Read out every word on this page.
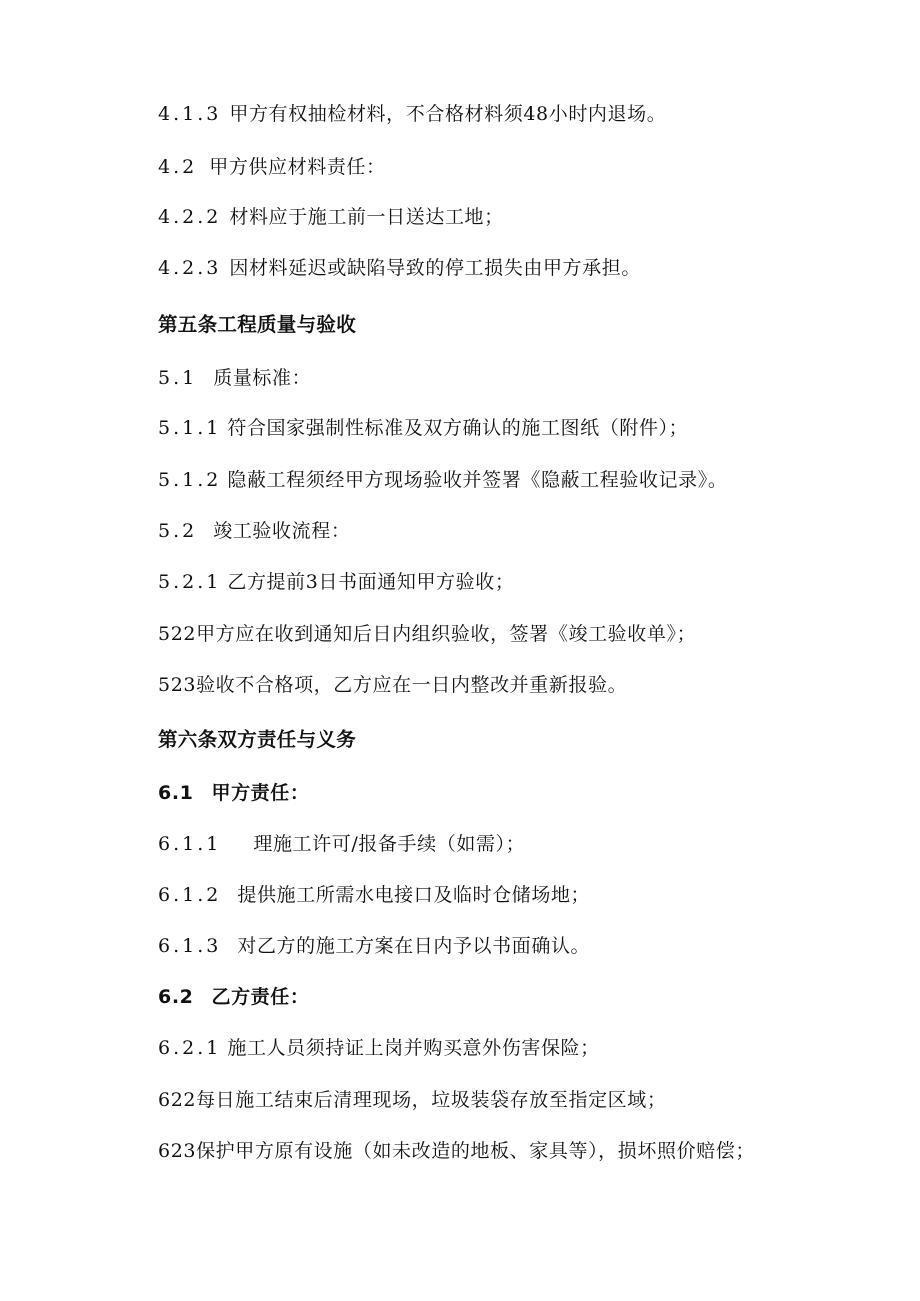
4.1.3 甲方有权抽检材料，不合格材料须48小时内退场。
4.2 甲方供应材料责任：
4.2.2 材料应于施工前一日送达工地；
4.2.3 因材料延迟或缺陷导致的停工损失由甲方承担。
第五条工程质量与验收
5.1 质量标准：
5.1.1 符合国家强制性标准及双方确认的施工图纸（附件）；
5.1.2 隐蔽工程须经甲方现场验收并签署《隐蔽工程验收记录》。
5.2 竣工验收流程：
5.2.1 乙方提前3日书面通知甲方验收；
522甲方应在收到通知后日内组织验收，签署《竣工验收单》；
523验收不合格项，乙方应在一日内整改并重新报验。
第六条双方责任与义务
6.1 甲方责任：
6.1.1 理施工许可/报备手续（如需）；
6.1.2 提供施工所需水电接口及临时仓储场地；
6.1.3 对乙方的施工方案在日内予以书面确认。
6.2 乙方责任：
6.2.1 施工人员须持证上岗并购买意外伤害保险；
622每日施工结束后清理现场，垃圾装袋存放至指定区域；
623保护甲方原有设施（如未改造的地板、家具等），损坏照价赔偿；
